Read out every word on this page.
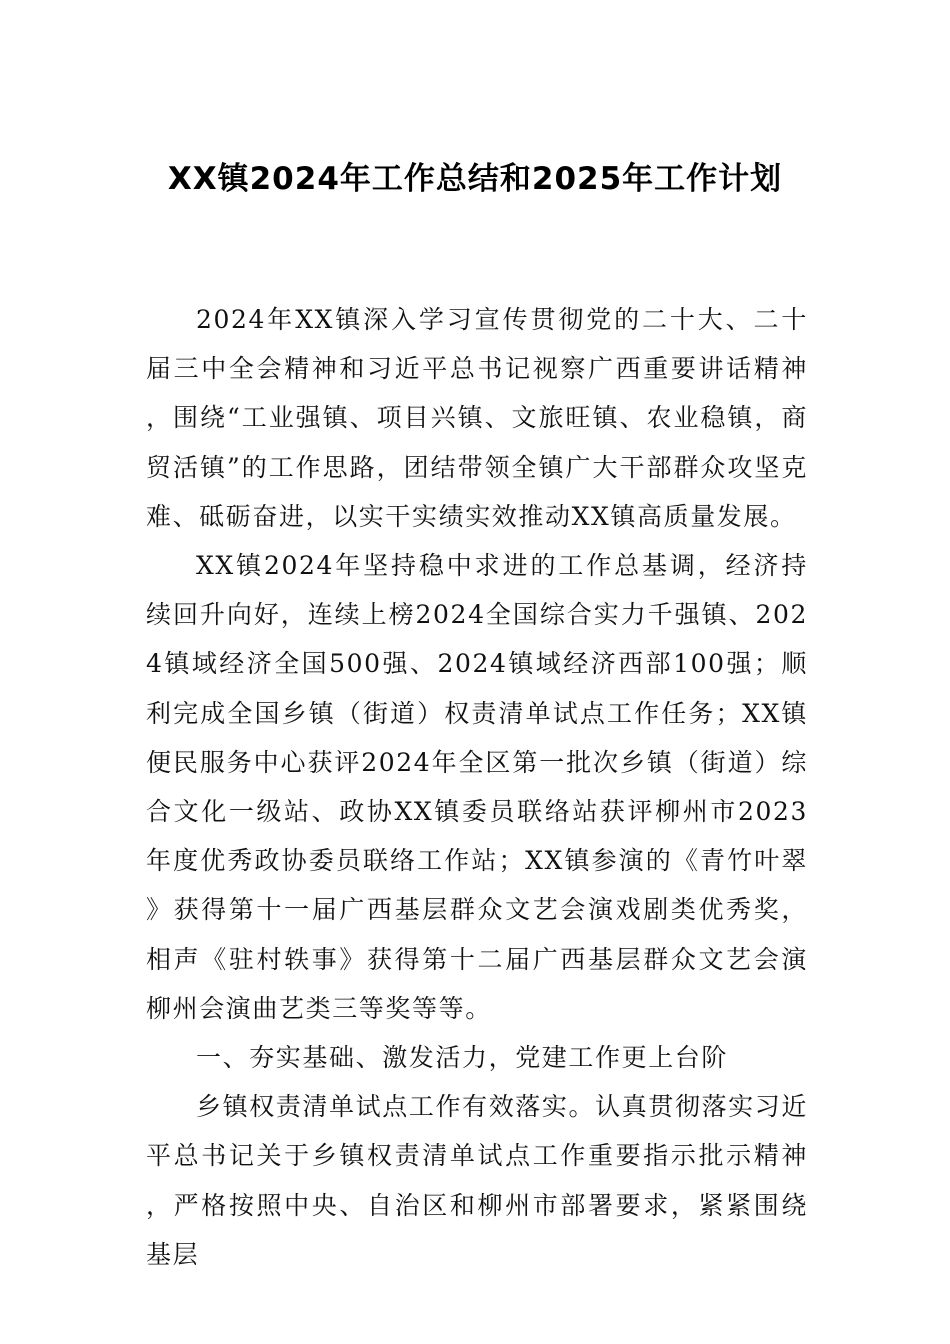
XX镇2024年工作总结和2025年工作计划

2024年XX镇深入学习宣传贯彻党的二十大、二十届三中全会精神和习近平总书记视察广西重要讲话精神，围绕“工业强镇、项目兴镇、文旅旺镇、农业稳镇，商贸活镇”的工作思路，团结带领全镇广大干部群众攻坚克难、砥砺奋进，以实干实绩实效推动XX镇高质量发展。

XX镇2024年坚持稳中求进的工作总基调，经济持续回升向好，连续上榜2024全国综合实力千强镇、2024镇域经济全国500强、2024镇域经济西部100强；顺利完成全国乡镇（街道）权责清单试点工作任务；XX镇便民服务中心获评2024年全区第一批次乡镇（街道）综合文化一级站、政协XX镇委员联络站获评柳州市2023年度优秀政协委员联络工作站；XX镇参演的《青竹叶翠》获得第十一届广西基层群众文艺会演戏剧类优秀奖，相声《驻村轶事》获得第十二届广西基层群众文艺会演柳州会演曲艺类三等奖等等。

一、夯实基础、激发活力，党建工作更上台阶

乡镇权责清单试点工作有效落实。认真贯彻落实习近平总书记关于乡镇权责清单试点工作重要指示批示精神，严格按照中央、自治区和柳州市部署要求，紧紧围绕基层
